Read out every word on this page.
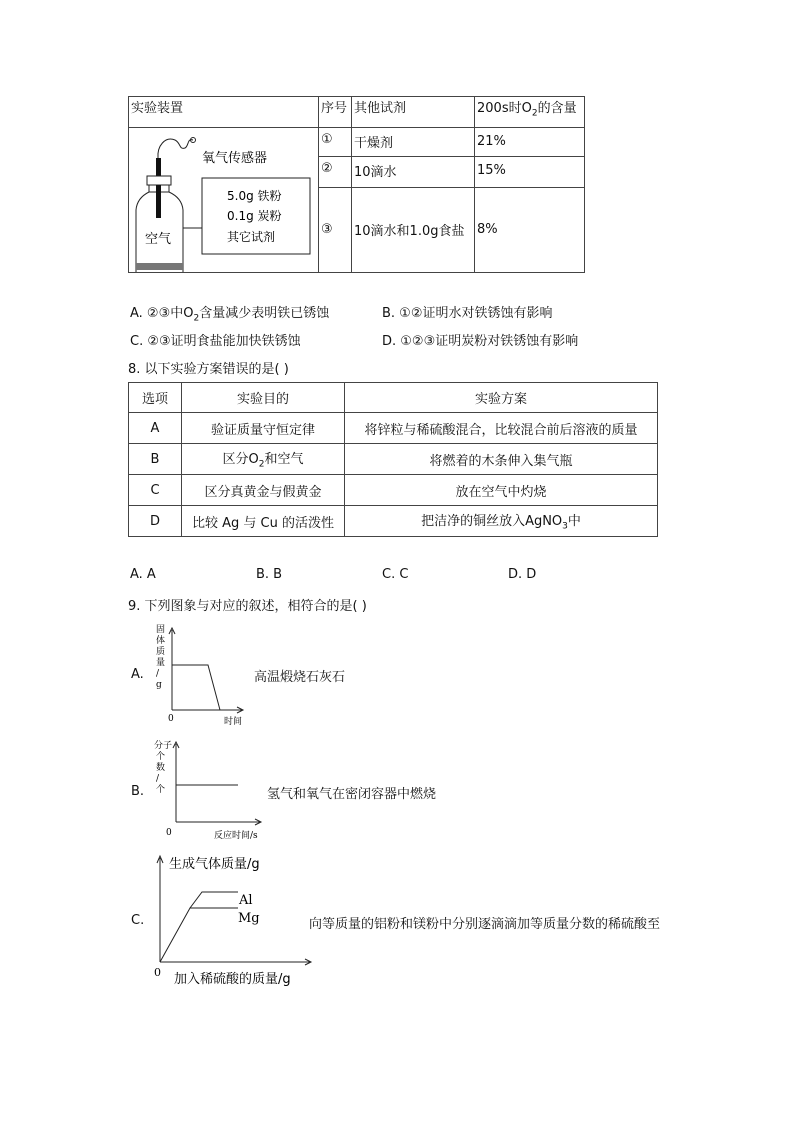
实验装置	序号	其他试剂	200s时$O_2$的含量

空气
氧气传感器
5.0g 铁粉
0.1g 炭粉
其它试剂	①	干燥剂	21%
	②	10滴水	15%
	③	10滴水和1.0g食盐	8%
A. ②③中$O_2$含量减少表明铁已锈蚀	B. ①②证明水对铁锈蚀有影响
C. ②③证明食盐能加快铁锈蚀	D. ①②③证明炭粉对铁锈蚀有影响
8. 以下实验方案错误的是( )
选项	实验目的	实验方案
A	验证质量守恒定律	将锌粒与稀硫酸混合，比较混合前后溶液的质量
B	区分$O_2$和空气	将燃着的木条伸入集气瓶
C	区分真黄金与假黄金	放在空气中灼烧
D	比较 Ag 与 Cu 的活泼性	把洁净的铜丝放入AgNO$_3$中
A. A	B. B	C. C	D. D
9. 下列图象与对应的叙述，相符合的是( )
A.
固
体
质
量
/
g
0	时间
高温煅烧石灰石
B.
分子
个
数
/
个
0	反应时间/s
氢气和氧气在密闭容器中燃烧
C.
生成气体质量/g
Al
Mg
0 加入稀硫酸的质量/g
向等质量的铝粉和镁粉中分别逐滴滴加等质量分数的稀硫酸至
